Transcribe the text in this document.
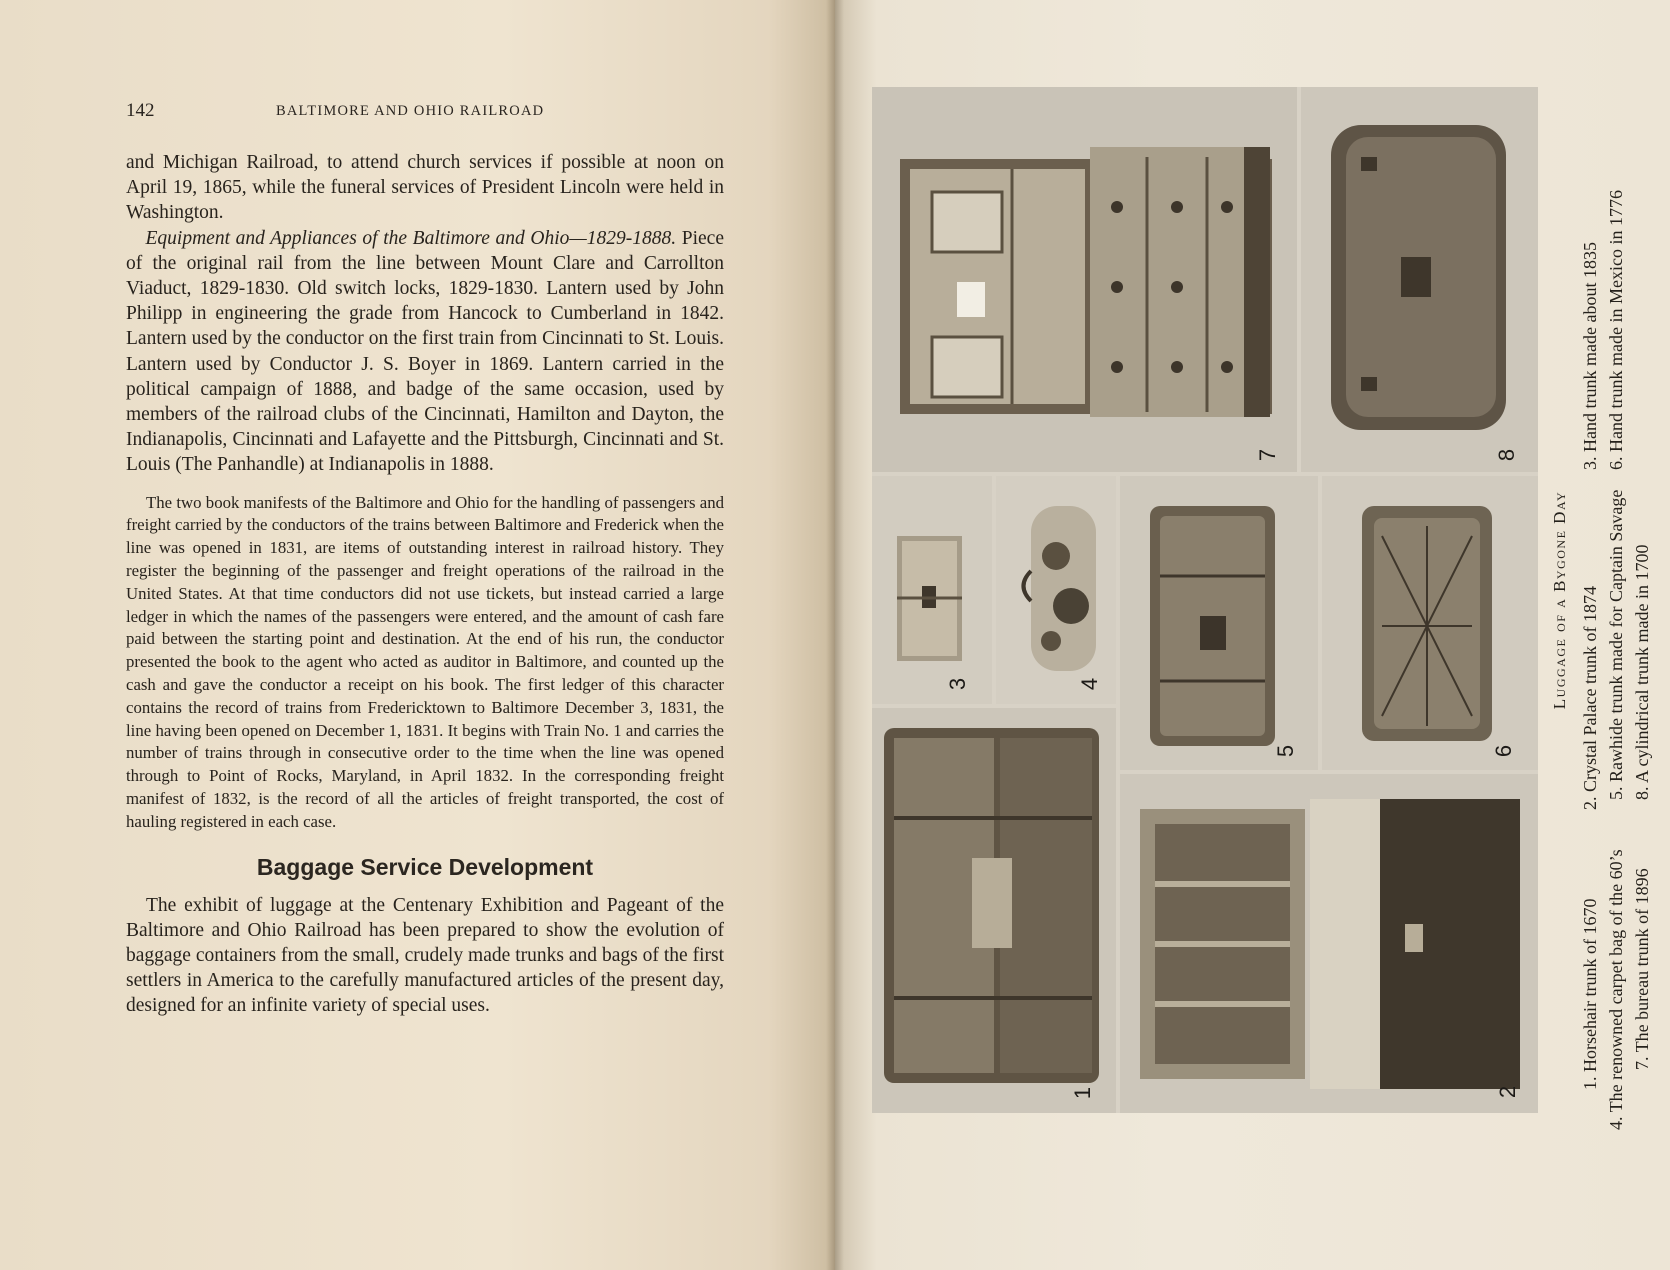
142	BALTIMORE AND OHIO RAILROAD

and Michigan Railroad, to attend church services if possible at noon on April 19, 1865, while the funeral services of President Lincoln were held in Washington.

 Equipment and Appliances of the Baltimore and Ohio—1829-1888. Piece of the original rail from the line between Mount Clare and Carrollton Viaduct, 1829-1830. Old switch locks, 1829-1830. Lantern used by John Philipp in engineering the grade from Hancock to Cumberland in 1842. Lantern used by the conductor on the first train from Cincinnati to St. Louis. Lantern used by Conductor J. S. Boyer in 1869. Lantern carried in the political campaign of 1888, and badge of the same occasion, used by members of the railroad clubs of the Cincinnati, Hamilton and Dayton, the Indianapolis, Cincinnati and Lafayette and the Pittsburgh, Cincinnati and St. Louis (The Panhandle) at Indianapolis in 1888.

The two book manifests of the Baltimore and Ohio for the handling of passengers and freight carried by the conductors of the trains between Baltimore and Frederick when the line was opened in 1831, are items of outstanding interest in railroad history. They register the beginning of the passenger and freight operations of the railroad in the United States. At that time conductors did not use tickets, but instead carried a large ledger in which the names of the passengers were entered, and the amount of cash fare paid between the starting point and destination. At the end of his run, the conductor presented the book to the agent who acted as auditor in Baltimore, and counted up the cash and gave the conductor a receipt on his book. The first ledger of this character contains the record of trains from Fredericktown to Baltimore December 3, 1831, the line having been opened on December 1, 1831. It begins with Train No. 1 and carries the number of trains through in consecutive order to the time when the line was opened through to Point of Rocks, Maryland, in April 1832. In the corresponding freight manifest of 1832, is the record of all the articles of freight transported, the cost of hauling registered in each case.

Baggage Service Development

The exhibit of luggage at the Centenary Exhibition and Pageant of the Baltimore and Ohio Railroad has been prepared to show the evolution of baggage containers from the small, crudely made trunks and bags of the first settlers in America to the carefully manufactured articles of the present day, designed for an infinite variety of special uses.

7	8
3	4
5	6
1	2
Luggage of a Bygone Day
1. Horsehair trunk of 1670
2. Crystal Palace trunk of 1874
3. Hand trunk made about 1835
4. The renowned carpet bag of the 60’s
5. Rawhide trunk made for Captain Savage
6. Hand trunk made in Mexico in 1776
7. The bureau trunk of 1896
8. A cylindrical trunk made in 1700
